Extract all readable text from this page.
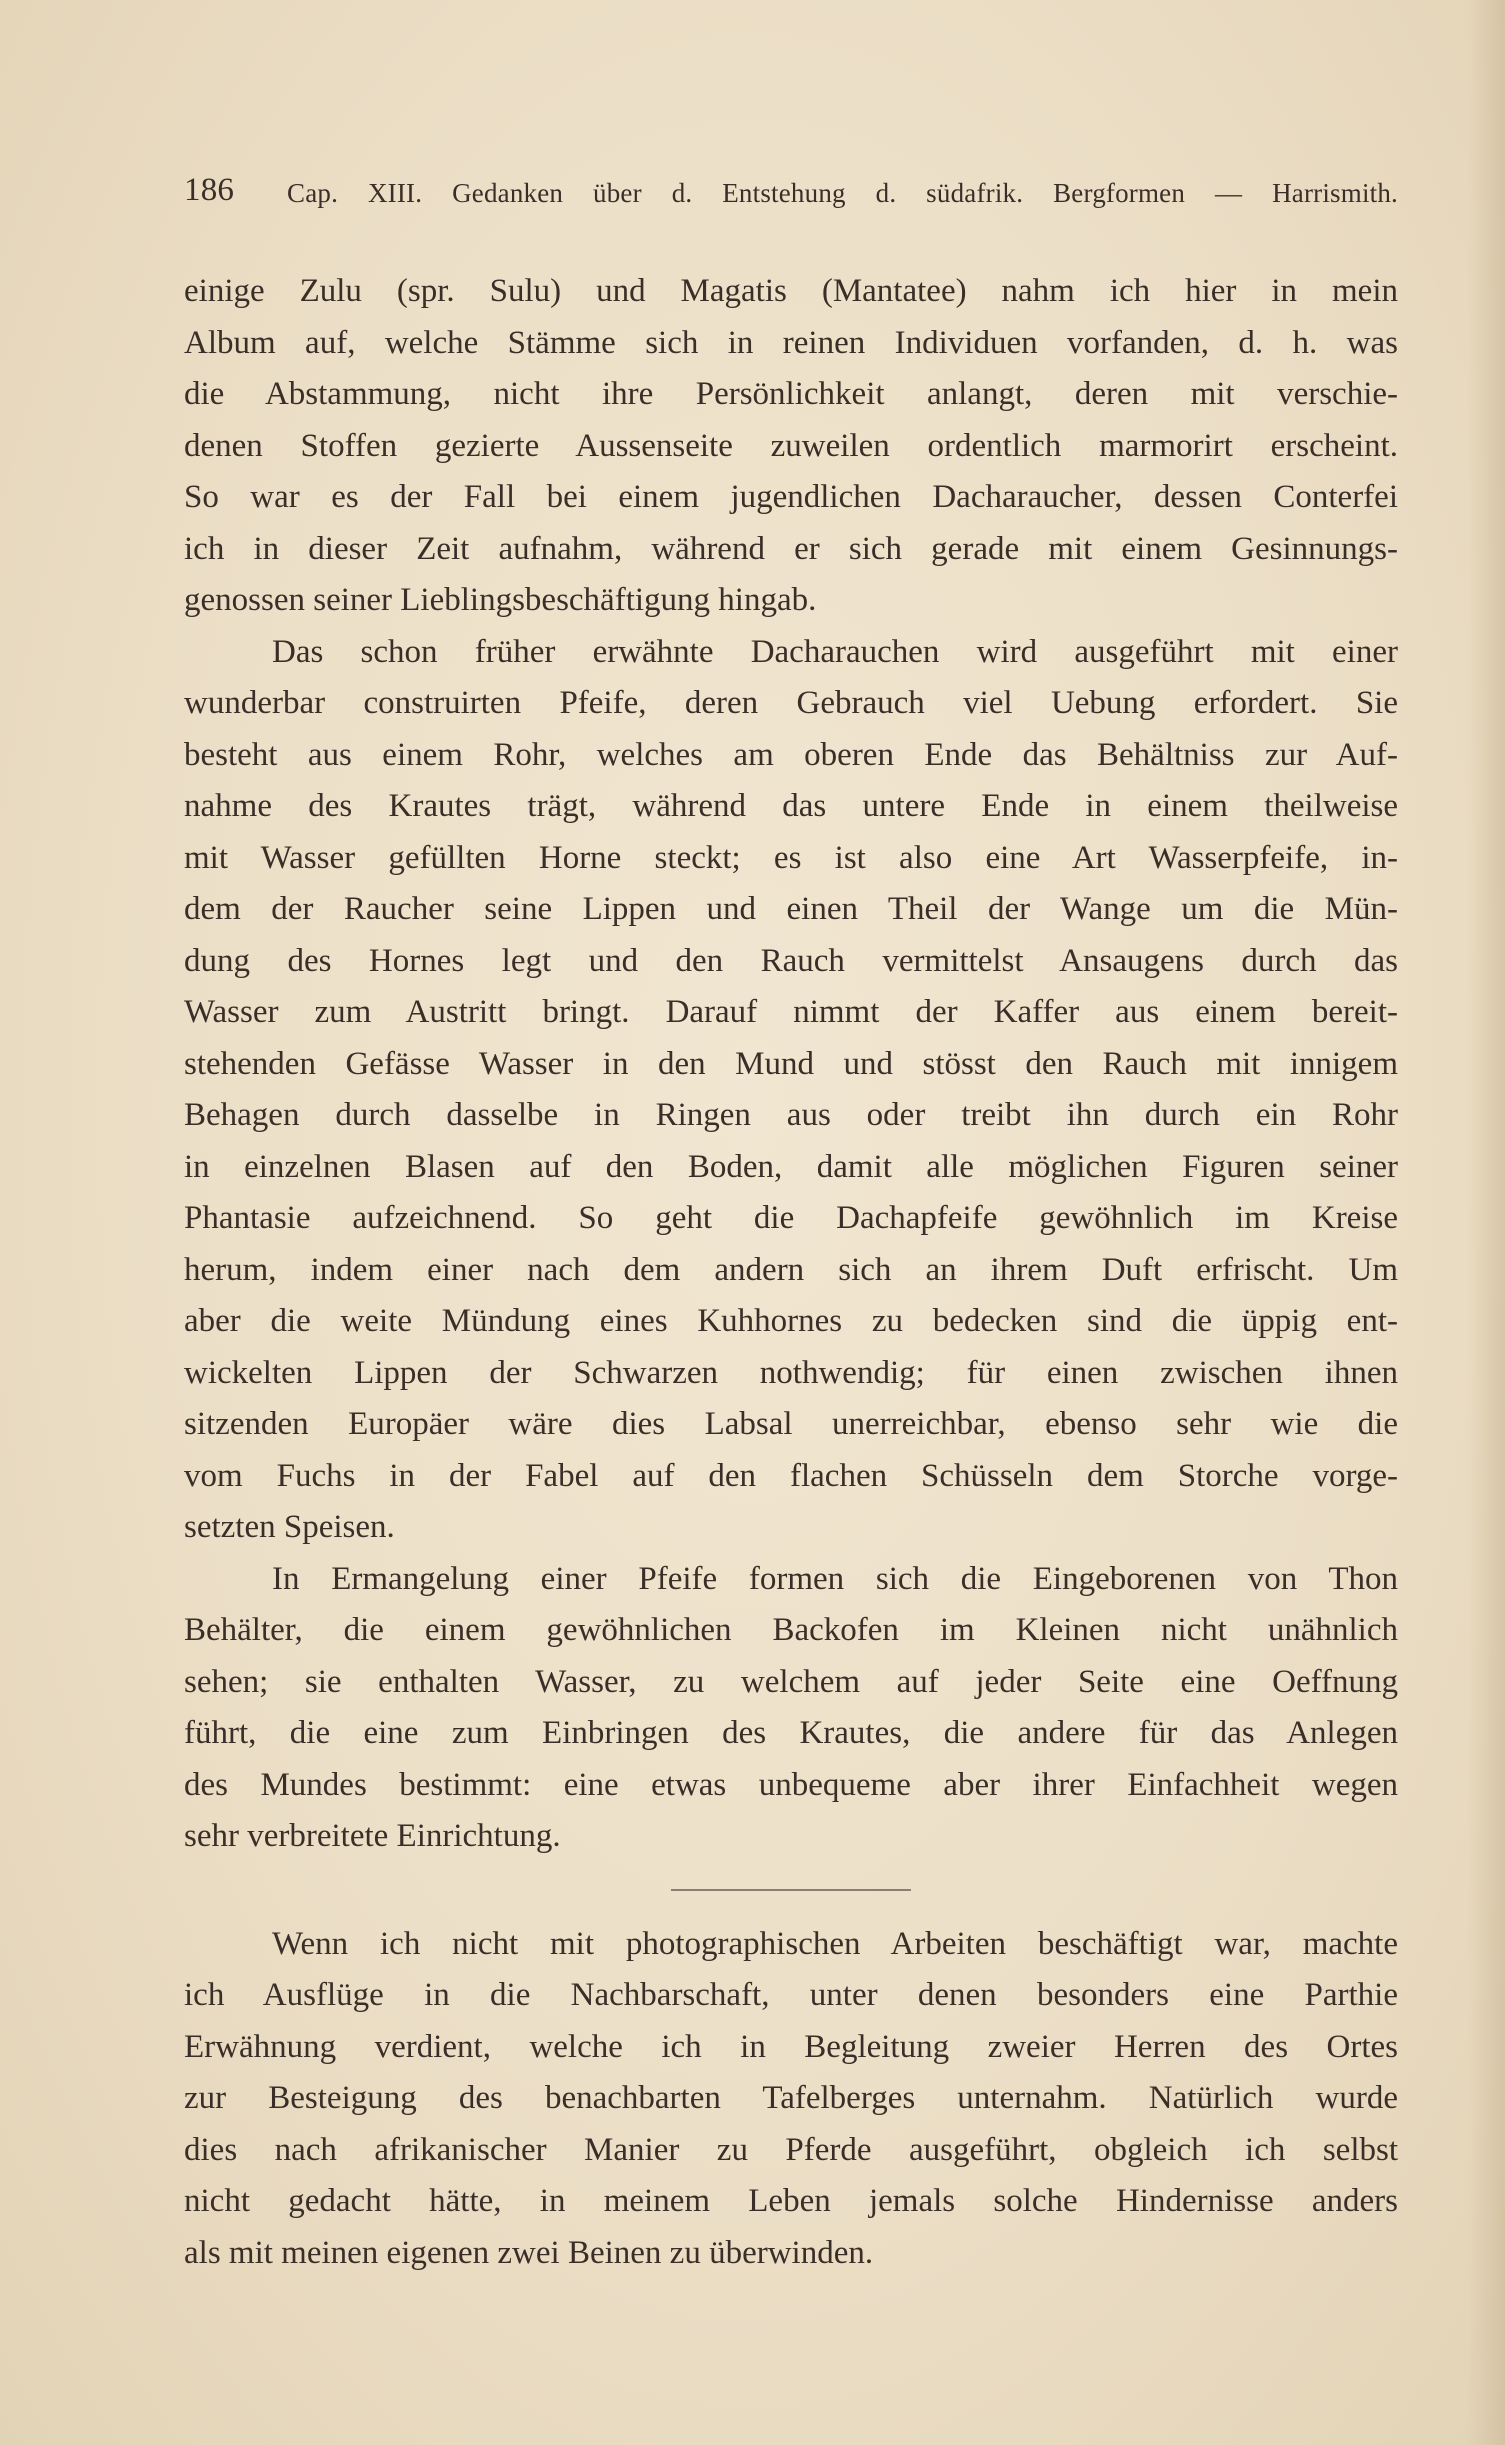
186 Cap. XIII. Gedanken über d. Entstehung d. südafrik. Bergformen — Harrismith.
einige Zulu (spr. Sulu) und Magatis (Mantatee) nahm ich hier in mein
Album auf, welche Stämme sich in reinen Individuen vorfanden, d. h. was
die Abstammung, nicht ihre Persönlichkeit anlangt, deren mit verschie-
denen Stoffen gezierte Aussenseite zuweilen ordentlich marmorirt erscheint.
So war es der Fall bei einem jugendlichen Dacharaucher, dessen Conterfei
ich in dieser Zeit aufnahm, während er sich gerade mit einem Gesinnungs-
genossen seiner Lieblingsbeschäftigung hingab.
Das schon früher erwähnte Dacharauchen wird ausgeführt mit einer
wunderbar construirten Pfeife, deren Gebrauch viel Uebung erfordert. Sie
besteht aus einem Rohr, welches am oberen Ende das Behältniss zur Auf-
nahme des Krautes trägt, während das untere Ende in einem theilweise
mit Wasser gefüllten Horne steckt; es ist also eine Art Wasserpfeife, in-
dem der Raucher seine Lippen und einen Theil der Wange um die Mün-
dung des Hornes legt und den Rauch vermittelst Ansaugens durch das
Wasser zum Austritt bringt. Darauf nimmt der Kaffer aus einem bereit-
stehenden Gefässe Wasser in den Mund und stösst den Rauch mit innigem
Behagen durch dasselbe in Ringen aus oder treibt ihn durch ein Rohr
in einzelnen Blasen auf den Boden, damit alle möglichen Figuren seiner
Phantasie aufzeichnend. So geht die Dachapfeife gewöhnlich im Kreise
herum, indem einer nach dem andern sich an ihrem Duft erfrischt. Um
aber die weite Mündung eines Kuhhornes zu bedecken sind die üppig ent-
wickelten Lippen der Schwarzen nothwendig; für einen zwischen ihnen
sitzenden Europäer wäre dies Labsal unerreichbar, ebenso sehr wie die
vom Fuchs in der Fabel auf den flachen Schüsseln dem Storche vorge-
setzten Speisen.
In Ermangelung einer Pfeife formen sich die Eingeborenen von Thon
Behälter, die einem gewöhnlichen Backofen im Kleinen nicht unähnlich
sehen; sie enthalten Wasser, zu welchem auf jeder Seite eine Oeffnung
führt, die eine zum Einbringen des Krautes, die andere für das Anlegen
des Mundes bestimmt: eine etwas unbequeme aber ihrer Einfachheit wegen
sehr verbreitete Einrichtung.
Wenn ich nicht mit photographischen Arbeiten beschäftigt war, machte
ich Ausflüge in die Nachbarschaft, unter denen besonders eine Parthie
Erwähnung verdient, welche ich in Begleitung zweier Herren des Ortes
zur Besteigung des benachbarten Tafelberges unternahm. Natürlich wurde
dies nach afrikanischer Manier zu Pferde ausgeführt, obgleich ich selbst
nicht gedacht hätte, in meinem Leben jemals solche Hindernisse anders
als mit meinen eigenen zwei Beinen zu überwinden.
